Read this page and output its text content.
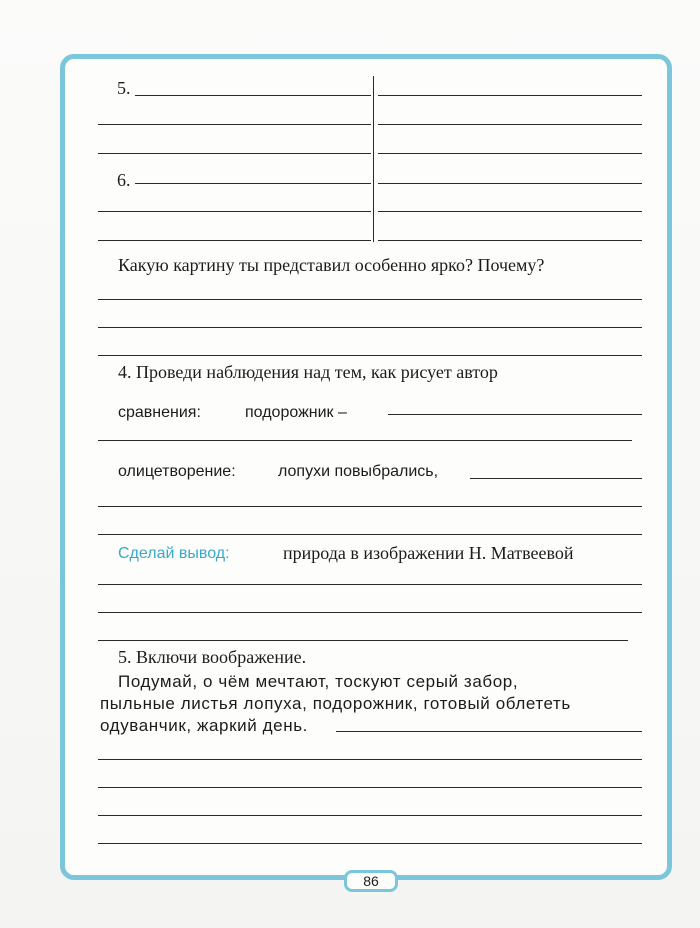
5.
6.
Какую картину ты представил особенно ярко? Почему?
4. Проведи наблюдения над тем, как рисует автор
сравнения:	подорожник –
олицетворение:	лопухи повыбрались,
Сделай вывод:	природа в изображении Н. Матвеевой
5. Включи воображение.
Подумай, о чём мечтают, тоскуют серый забор,
пыльные листья лопуха, подорожник, готовый облететь
одуванчик, жаркий день.
86
